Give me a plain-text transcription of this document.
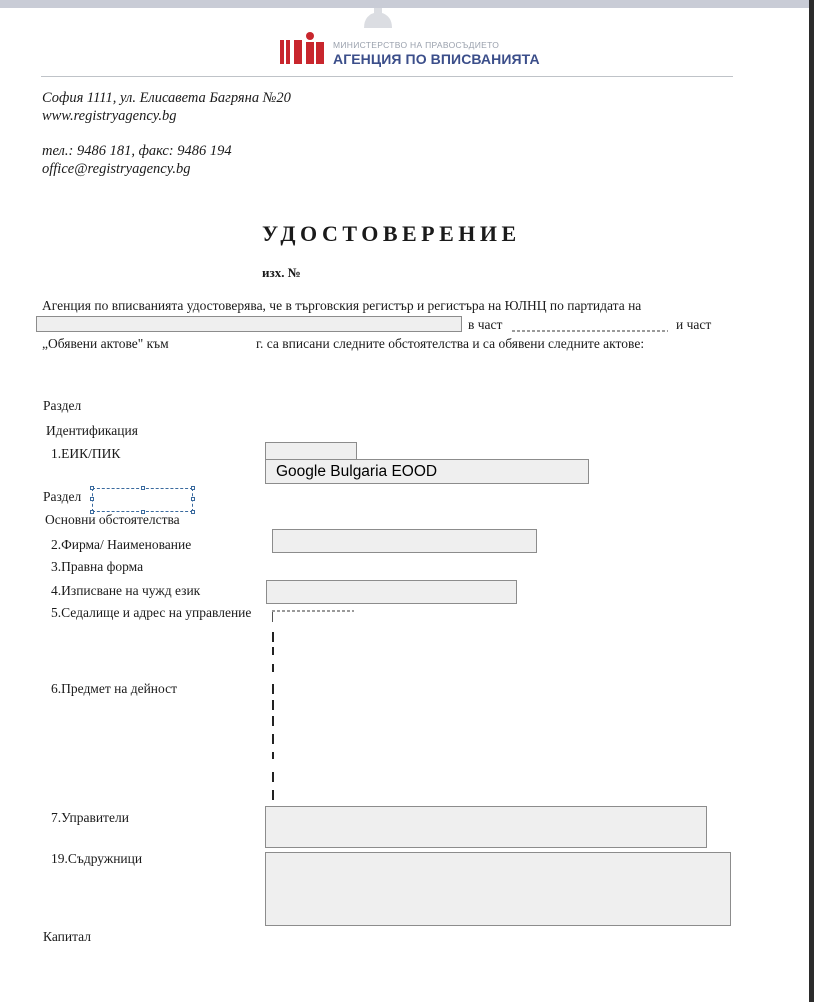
МИНИСТЕРСТВО НА ПРАВОСЪДИЕТО
АГЕНЦИЯ ПО ВПИСВАНИЯТА
София 1111, ул. Елисавета Багряна №20
www.registryagency.bg
тел.: 9486 181, факс: 9486 194
office@registryagency.bg
УДОСТОВЕРЕНИЕ
изх. №
Агенция по вписванията удостоверява, че в търговския регистър и регистъра на ЮЛНЦ по партидата на
в част	и част
„Обявени актове" към	г. са вписани следните обстоятелства и са обявени следните актове:
Раздел
Идентификация
1.ЕИК/ПИК
Google Bulgaria EOOD
Раздел
Основни обстоятелства
2.Фирма/ Наименование
3.Правна форма
4.Изписване на чужд език
5.Седалище и адрес на управление
6.Предмет на дейност
7.Управители
19.Съдружници
Капитал
